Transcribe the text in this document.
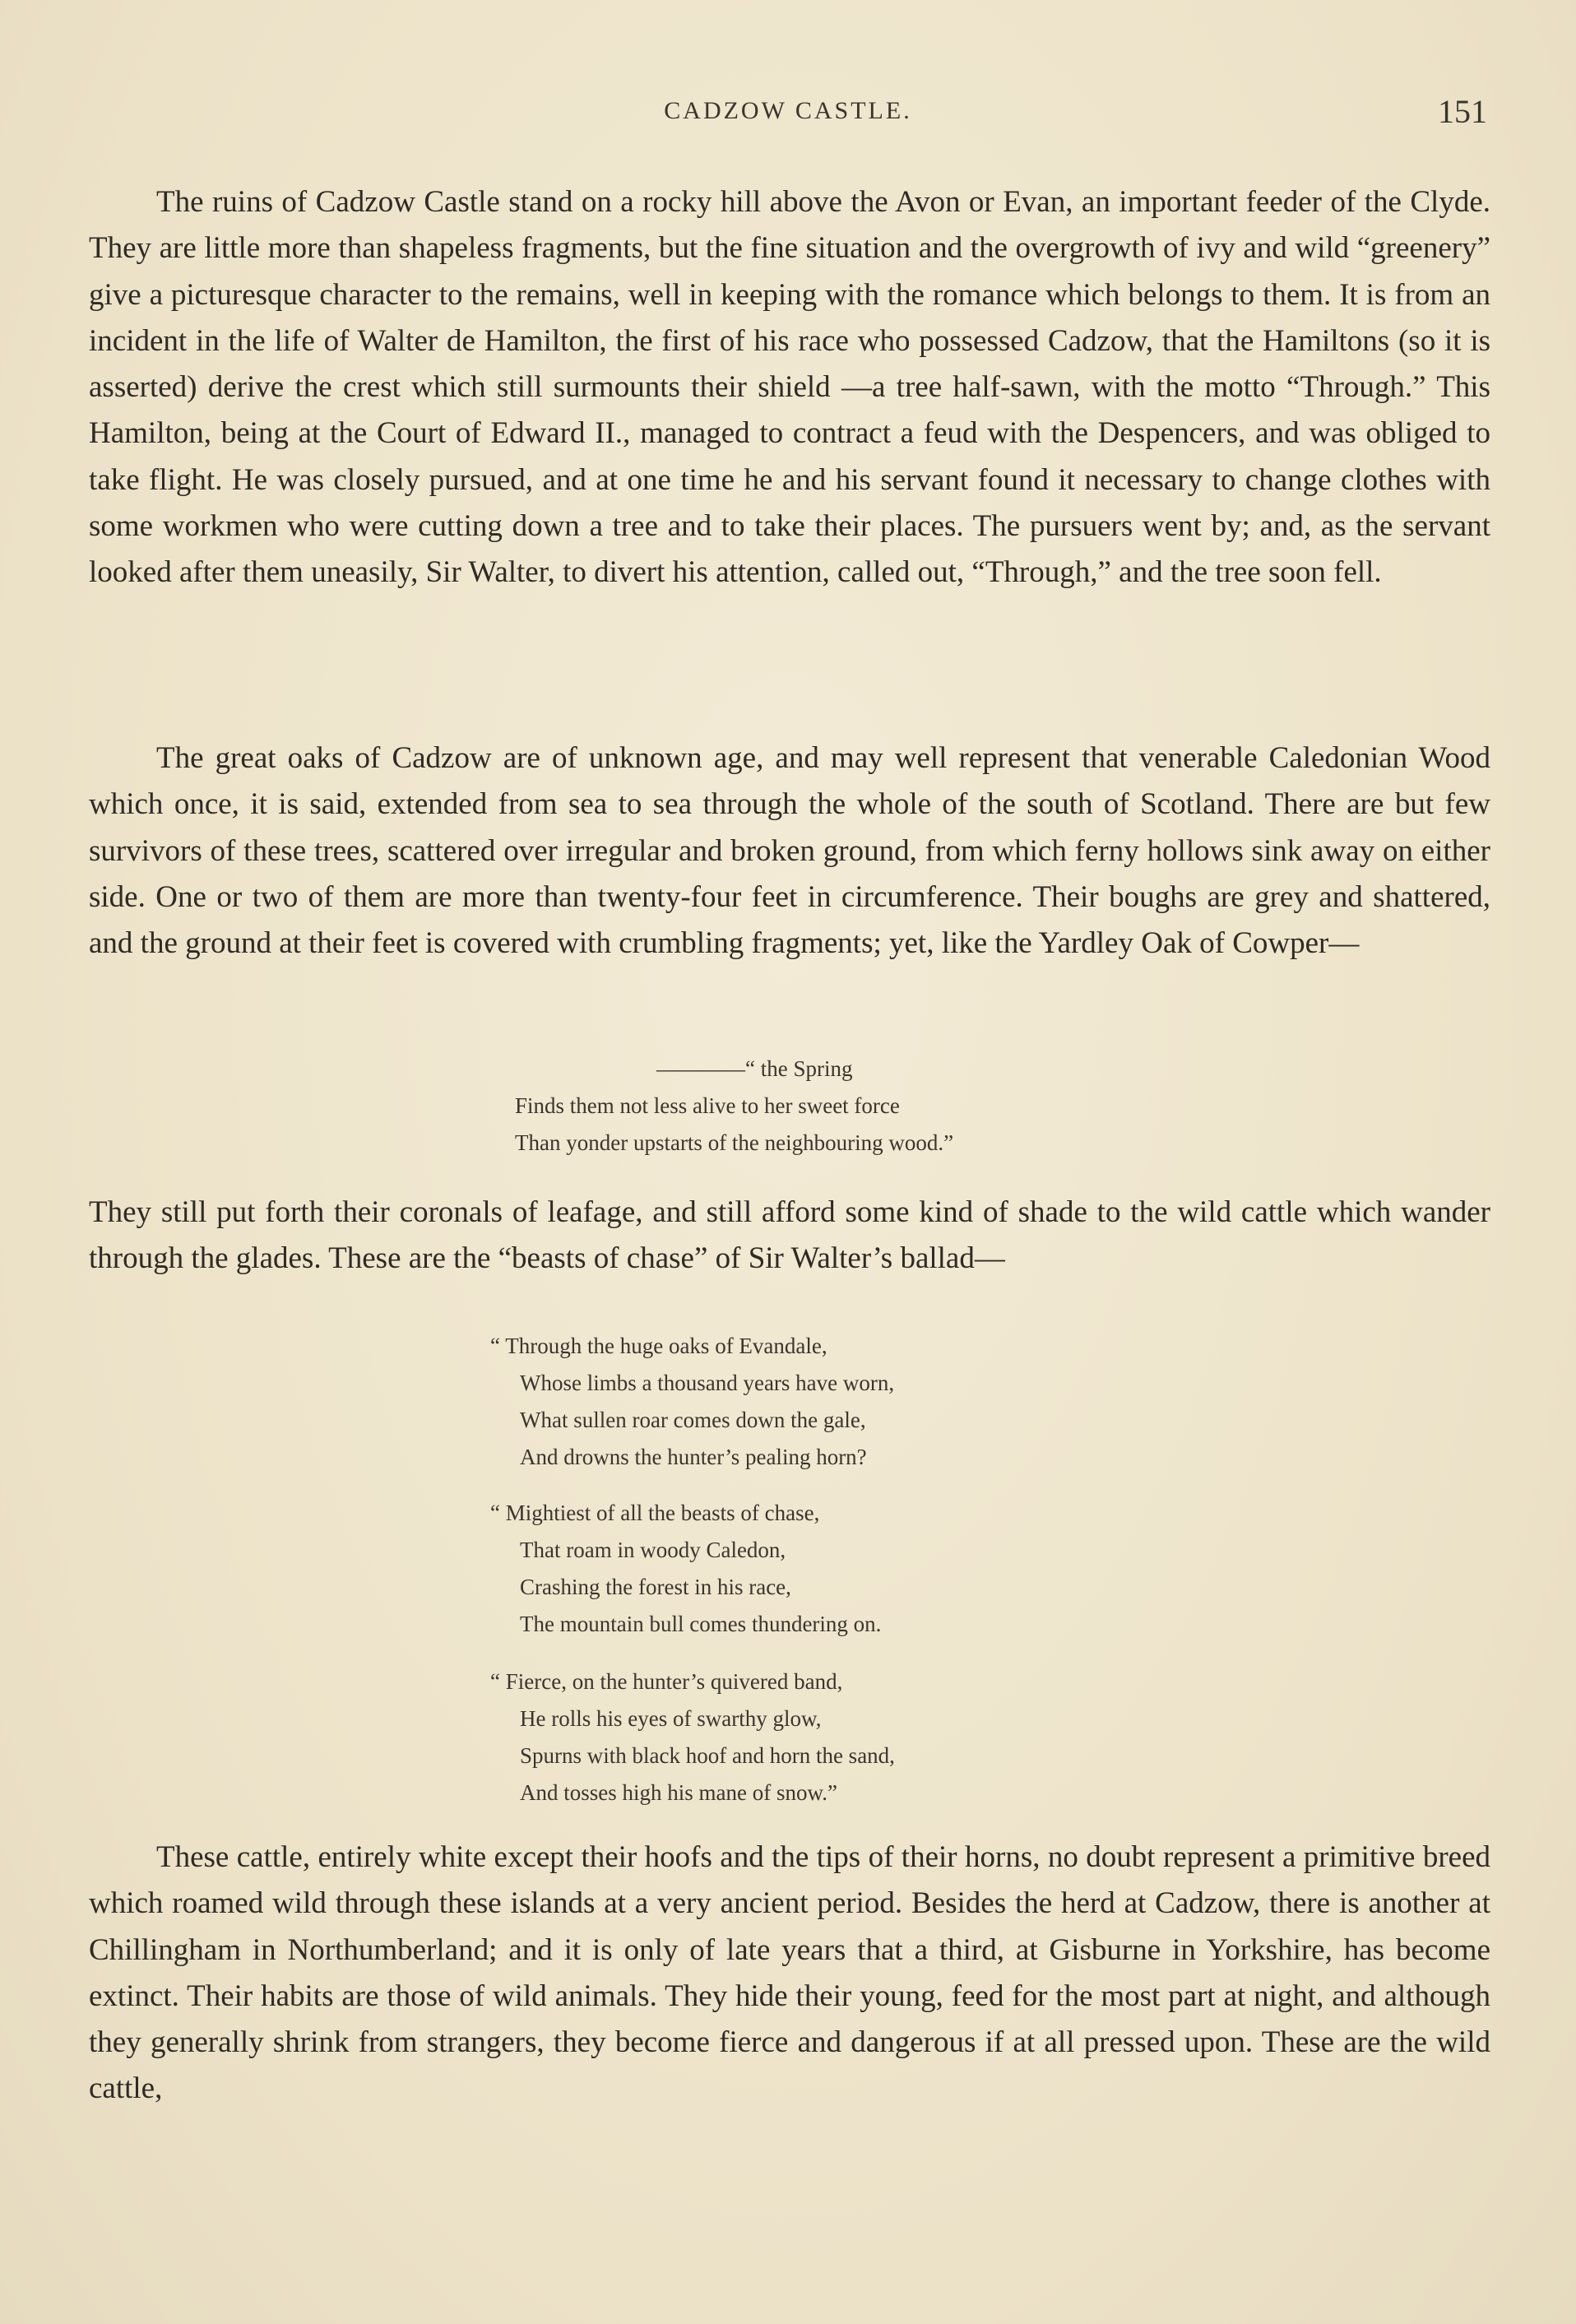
CADZOW CASTLE.	151

The ruins of Cadzow Castle stand on a rocky hill above the Avon or Evan, an important feeder of the Clyde. They are little more than shapeless fragments, but the fine situation and the overgrowth of ivy and wild “greenery” give a picturesque character to the remains, well in keeping with the romance which belongs to them. It is from an incident in the life of Walter de Hamilton, the first of his race who possessed Cadzow, that the Hamiltons (so it is asserted) derive the crest which still surmounts their shield —a tree half-sawn, with the motto “Through.” This Hamilton, being at the Court of Edward II., managed to contract a feud with the Despencers, and was obliged to take flight. He was closely pursued, and at one time he and his servant found it necessary to change clothes with some workmen who were cutting down a tree and to take their places. The pursuers went by; and, as the servant looked after them uneasily, Sir Walter, to divert his attention, called out, “Through,” and the tree soon fell.

The great oaks of Cadzow are of unknown age, and may well represent that venerable Caledonian Wood which once, it is said, extended from sea to sea through the whole of the south of Scotland. There are but few survivors of these trees, scattered over irregular and broken ground, from which ferny hollows sink away on either side. One or two of them are more than twenty-four feet in circumference. Their boughs are grey and shattered, and the ground at their feet is covered with crumbling fragments; yet, like the Yardley Oak of Cowper—

————“ the Spring
Finds them not less alive to her sweet force
Than yonder upstarts of the neighbouring wood.”

They still put forth their coronals of leafage, and still afford some kind of shade to the wild cattle which wander through the glades. These are the “beasts of chase” of Sir Walter’s ballad—

“ Through the huge oaks of Evandale,
Whose limbs a thousand years have worn,
What sullen roar comes down the gale,
And drowns the hunter’s pealing horn?
“ Mightiest of all the beasts of chase,
That roam in woody Caledon,
Crashing the forest in his race,
The mountain bull comes thundering on.
“ Fierce, on the hunter’s quivered band,
He rolls his eyes of swarthy glow,
Spurns with black hoof and horn the sand,
And tosses high his mane of snow.”

These cattle, entirely white except their hoofs and the tips of their horns, no doubt represent a primitive breed which roamed wild through these islands at a very ancient period. Besides the herd at Cadzow, there is another at Chillingham in Northumberland; and it is only of late years that a third, at Gisburne in Yorkshire, has become extinct. Their habits are those of wild animals. They hide their young, feed for the most part at night, and although they generally shrink from strangers, they become fierce and dangerous if at all pressed upon. These are the wild cattle,
